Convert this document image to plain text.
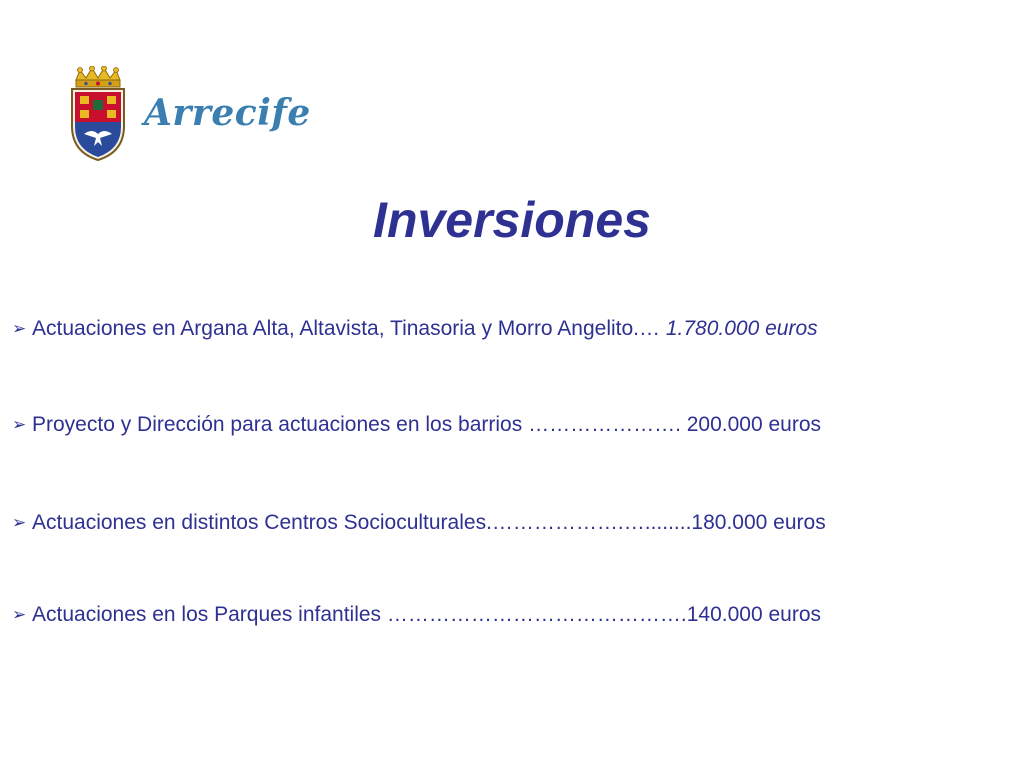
Arrecife
Inversiones
➢ Actuaciones en Argana Alta, Altavista, Tinasoria y Morro Angelito.… 1.780.000 euros
➢ Proyecto y Dirección para actuaciones en los barrios …………………. 200.000 euros
➢ Actuaciones en distintos Centros Socioculturales.……………….…........180.000 euros
➢ Actuaciones en los Parques infantiles …………………………………….140.000 euros
